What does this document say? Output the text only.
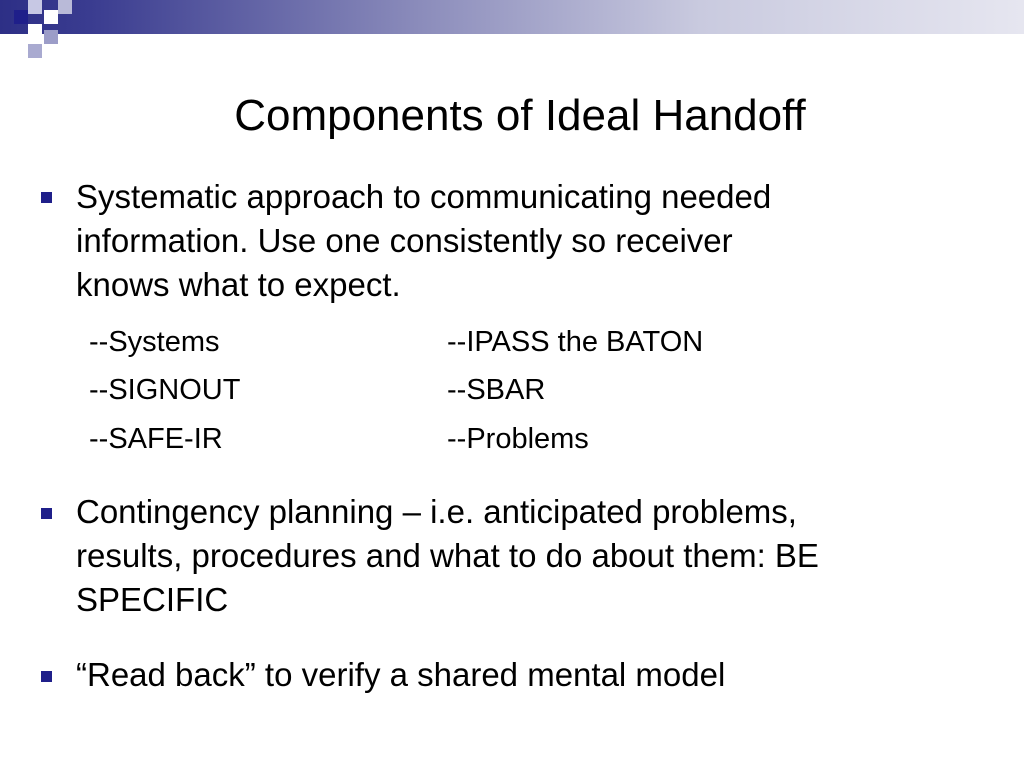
Components of Ideal Handoff
Systematic approach to communicating needed
information. Use one consistently so receiver
knows what to expect.
--Systems
--SIGNOUT
--SAFE-IR
--IPASS the BATON
--SBAR
--Problems
Contingency planning – i.e. anticipated problems,
results, procedures and what to do about them: BE
SPECIFIC
“Read back” to verify a shared mental model
